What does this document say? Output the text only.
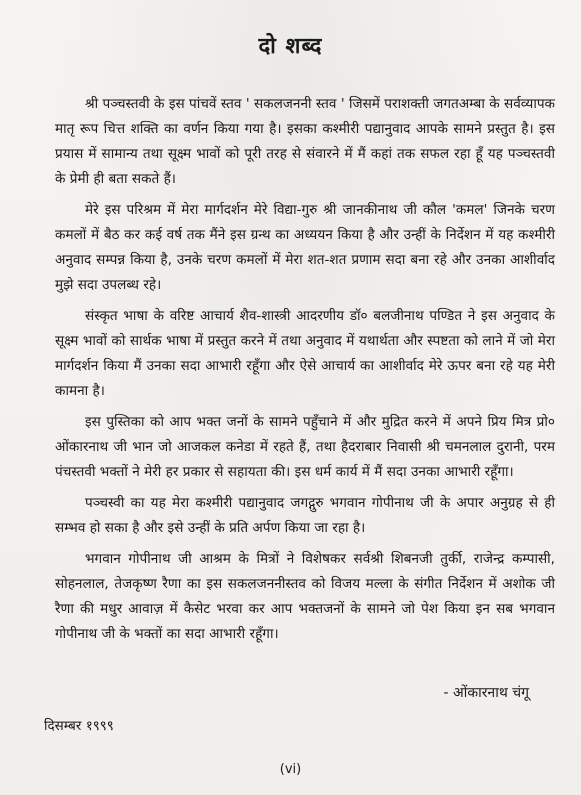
दो शब्द

श्री पञ्चस्तवी के इस पांचवें स्तव ' सकलजननी स्तव ' जिसमें पराशक्ती जगतअम्बा के सर्वव्यापक मातृ रूप चित्त शक्ति का वर्णन किया गया है। इसका कश्मीरी पद्यानुवाद आपके सामने प्रस्तुत है। इस प्रयास में सामान्य तथा सूक्ष्म भावों को पूरी तरह से संवारने में मैं कहां तक सफल रहा हूँ यह पञ्चस्तवी के प्रेमी ही बता सकते हैं।

मेरे इस परिश्रम में मेरा मार्गदर्शन मेरे विद्या-गुरु श्री जानकीनाथ जी कौल 'कमल' जिनके चरण कमलों में बैठ कर कई वर्ष तक मैंने इस ग्रन्थ का अध्ययन किया है और उन्हीं के निर्देशन में यह कश्मीरी अनुवाद सम्पन्न किया है, उनके चरण कमलों में मेरा शत-शत प्रणाम सदा बना रहे और उनका आशीर्वाद मुझे सदा उपलब्ध रहे।

संस्कृत भाषा के वरिष्ट आचार्य शैव-शास्त्री आदरणीय डॉ० बलजीनाथ पण्डित ने इस अनुवाद के सूक्ष्म भावों को सार्थक भाषा में प्रस्तुत करने में तथा अनुवाद में यथार्थता और स्पष्टता को लाने में जो मेरा मार्गदर्शन किया मैं उनका सदा आभारी रहूँगा और ऐसे आचार्य का आशीर्वाद मेरे ऊपर बना रहे यह मेरी कामना है।

इस पुस्तिका को आप भक्त जनों के सामने पहुँचाने में और मुद्रित करने में अपने प्रिय मित्र प्रो० ओंकारनाथ जी भान जो आजकल कनेडा में रहते हैं, तथा हैदराबार निवासी श्री चमनलाल दुरानी, परम पंचस्तवी भक्तों ने मेरी हर प्रकार से सहायता की। इस धर्म कार्य में मैं सदा उनका आभारी रहूँगा।

पञ्चस्वी का यह मेरा कश्मीरी पद्यानुवाद जगद्गुरु भगवान गोपीनाथ जी के अपार अनुग्रह से ही सम्भव हो सका है और इसे उन्हीं के प्रति अर्पण किया जा रहा है।

भगवान गोपीनाथ जी आश्रम के मित्रों ने विशेषकर सर्वश्री शिबनजी तुर्की, राजेन्द्र कम्पासी, सोहनलाल, तेजकृष्ण रैणा का इस सकलजननीस्तव को विजय मल्ला के संगीत निर्देशन में अशोक जी रैणा की मधुर आवाज़ में कैसेट भरवा कर आप भक्तजनों के सामने जो पेश किया इन सब भगवान गोपीनाथ जी के भक्तों का सदा आभारी रहूँगा।

- ओंकारनाथ चंगू
दिसम्बर १९९९
(vi)
